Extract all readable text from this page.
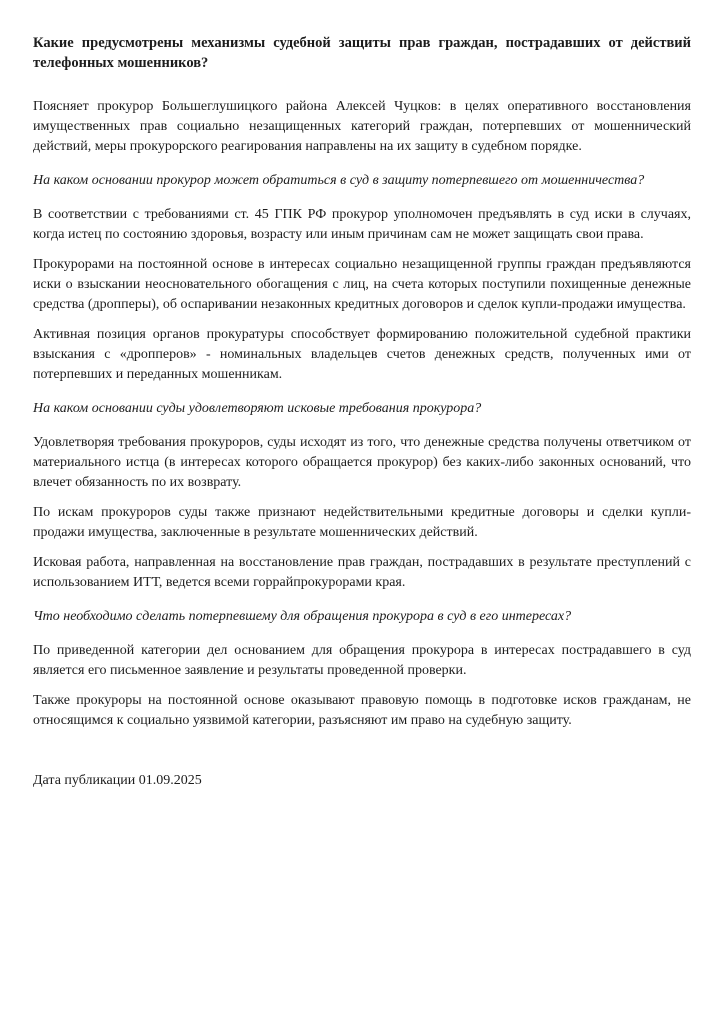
Какие предусмотрены механизмы судебной защиты прав граждан, пострадавших от действий телефонных мошенников?

Поясняет прокурор Большеглушицкого района Алексей Чуцков: в целях оперативного восстановления имущественных прав социально незащищенных категорий граждан, потерпевших от мошеннический действий, меры прокурорского реагирования направлены на их защиту в судебном порядке.

На каком основании прокурор может обратиться в суд в защиту потерпевшего от мошенничества?

В соответствии с требованиями ст. 45 ГПК РФ прокурор уполномочен предъявлять в суд иски в случаях, когда истец по состоянию здоровья, возрасту или иным причинам сам не может защищать свои права.

Прокурорами на постоянной основе в интересах социально незащищенной группы граждан предъявляются иски о взыскании неосновательного обогащения с лиц, на счета которых поступили похищенные денежные средства (дропперы), об оспаривании незаконных кредитных договоров и сделок купли-продажи имущества.

Активная позиция органов прокуратуры способствует формированию положительной судебной практики взыскания с «дропперов» - номинальных владельцев счетов денежных средств, полученных ими от потерпевших и переданных мошенникам.

На каком основании суды удовлетворяют исковые требования прокурора?

Удовлетворяя требования прокуроров, суды исходят из того, что денежные средства получены ответчиком от материального истца (в интересах которого обращается прокурор) без каких-либо законных оснований, что влечет обязанность по их возврату.

По искам прокуроров суды также признают недействительными кредитные договоры и сделки купли-продажи имущества, заключенные в результате мошеннических действий.

Исковая работа, направленная на восстановление прав граждан, пострадавших в результате преступлений с использованием ИТТ, ведется всеми горрайпрокурорами края.

Что необходимо сделать потерпевшему для обращения прокурора в суд в его интересах?

По приведенной категории дел основанием для обращения прокурора в интересах пострадавшего в суд является его письменное заявление и результаты проведенной проверки.

Также прокуроры на постоянной основе оказывают правовую помощь в подготовке исков гражданам, не относящимся к социально уязвимой категории, разъясняют им право на судебную защиту.

Дата публикации 01.09.2025
